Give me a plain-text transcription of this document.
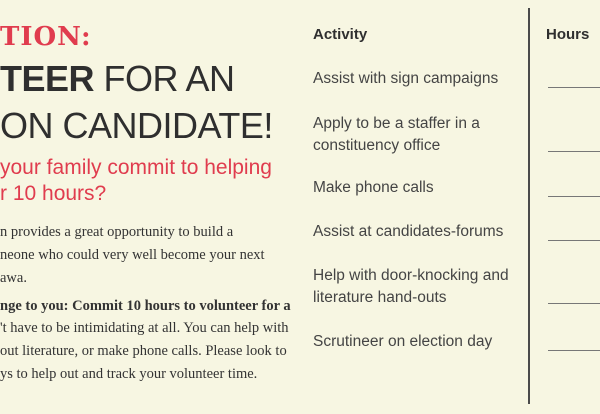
TION:
TEER FOR AN
ON CANDIDATE!
your family commit to helping
r 10 hours?
n provides a great opportunity to build a
neone who could very well become your next
awa.
nge to you: Commit 10 hours to volunteer for a
't have to be intimidating at all. You can help with
out literature, or make phone calls. Please look to
ys to help out and track your volunteer time.
Activity	Hours
Assist with sign campaigns
Apply to be a staffer in a constituency office
Make phone calls
Assist at candidates-forums
Help with door-knocking and literature hand-outs
Scrutineer on election day
